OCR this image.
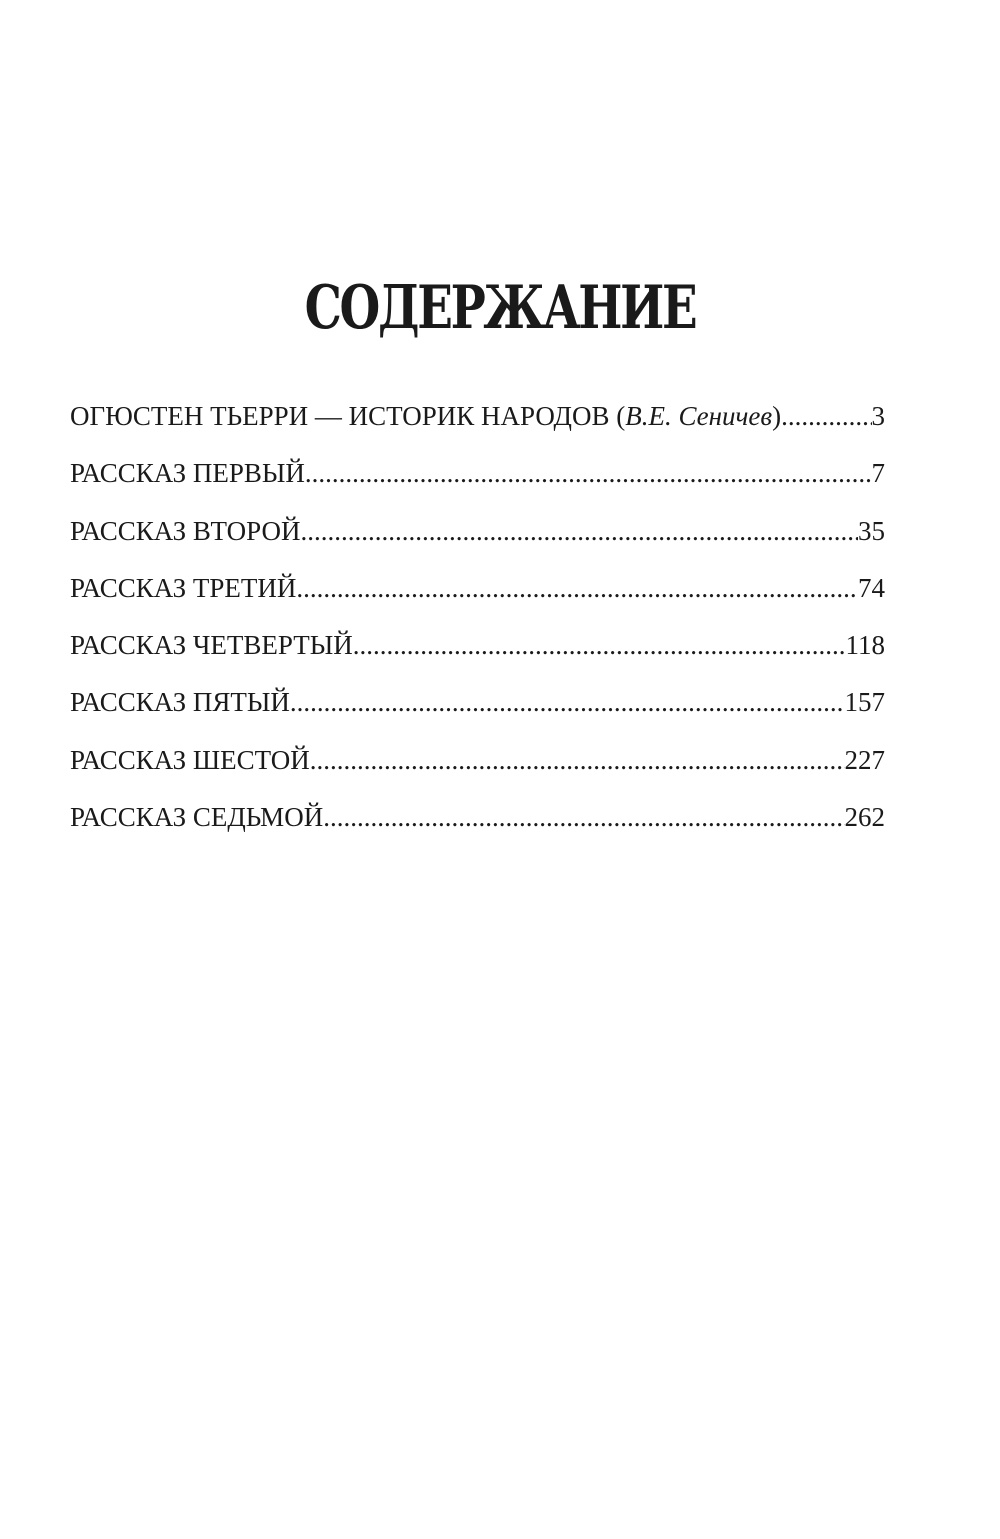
СОДЕРЖАНИЕ
ОГЮСТЕН ТЬЕРРИ — ИСТОРИК НАРОДОВ (В.Е. Сеничев) .....	3
РАССКАЗ ПЕРВЫЙ .....	7
РАССКАЗ ВТОРОЙ .....	35
РАССКАЗ ТРЕТИЙ .....	74
РАССКАЗ ЧЕТВЕРТЫЙ .....	118
РАССКАЗ ПЯТЫЙ .....	157
РАССКАЗ ШЕСТОЙ .....	227
РАССКАЗ СЕДЬМОЙ .....	262
